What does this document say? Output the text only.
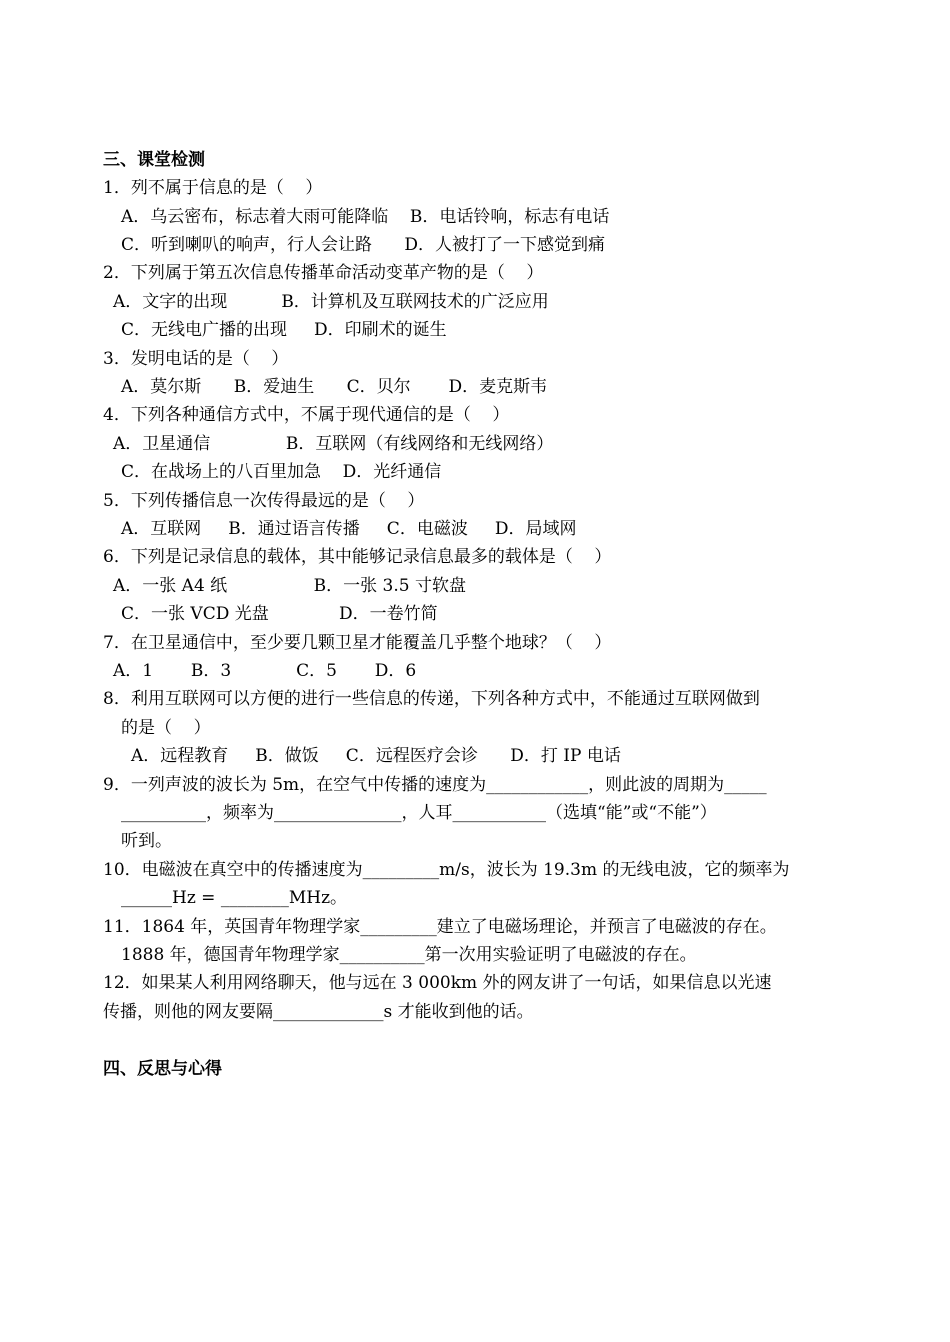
三、课堂检测
1．列不属于信息的是（    ）
A．乌云密布，标志着大雨可能降临    B．电话铃响，标志有电话
C．听到喇叭的响声，行人会让路      D．人被打了一下感觉到痛
2．下列属于第五次信息传播革命活动变革产物的是（    ）
A．文字的出现          B．计算机及互联网技术的广泛应用
C．无线电广播的出现     D．印刷术的诞生
3．发明电话的是（    ）
A．莫尔斯      B．爱迪生      C．贝尔       D．麦克斯韦
4．下列各种通信方式中，不属于现代通信的是（    ）
A．卫星通信              B．互联网（有线网络和无线网络）
C．在战场上的八百里加急    D．光纤通信
5．下列传播信息一次传得最远的是（    ）
A．互联网     B．通过语言传播     C．电磁波     D．局域网
6．下列是记录信息的载体，其中能够记录信息最多的载体是（    ）
A．一张 A4 纸                B．一张 3.5 寸软盘
C．一张 VCD 光盘             D．一卷竹简
7．在卫星通信中，至少要几颗卫星才能覆盖几乎整个地球？（    ）
A．1       B．3            C．5       D．6
8．利用互联网可以方便的进行一些信息的传递，下列各种方式中，不能通过互联网做到
的是（    ）
A．远程教育     B．做饭     C．远程医疗会诊      D．打 IP 电话
9．一列声波的波长为 5m，在空气中传播的速度为____________，则此波的周期为_____
__________，频率为_______________，人耳___________（选填“能”或“不能”）
听到。
10．电磁波在真空中的传播速度为_________m/s，波长为 19.3m 的无线电波，它的频率为
______Hz = ________MHz。
11．1864 年，英国青年物理学家_________建立了电磁场理论，并预言了电磁波的存在。
1888 年，德国青年物理学家__________第一次用实验证明了电磁波的存在。
12．如果某人利用网络聊天，他与远在 3 000km 外的网友讲了一句话，如果信息以光速
传播，则他的网友要隔_____________s 才能收到他的话。
四、反思与心得
